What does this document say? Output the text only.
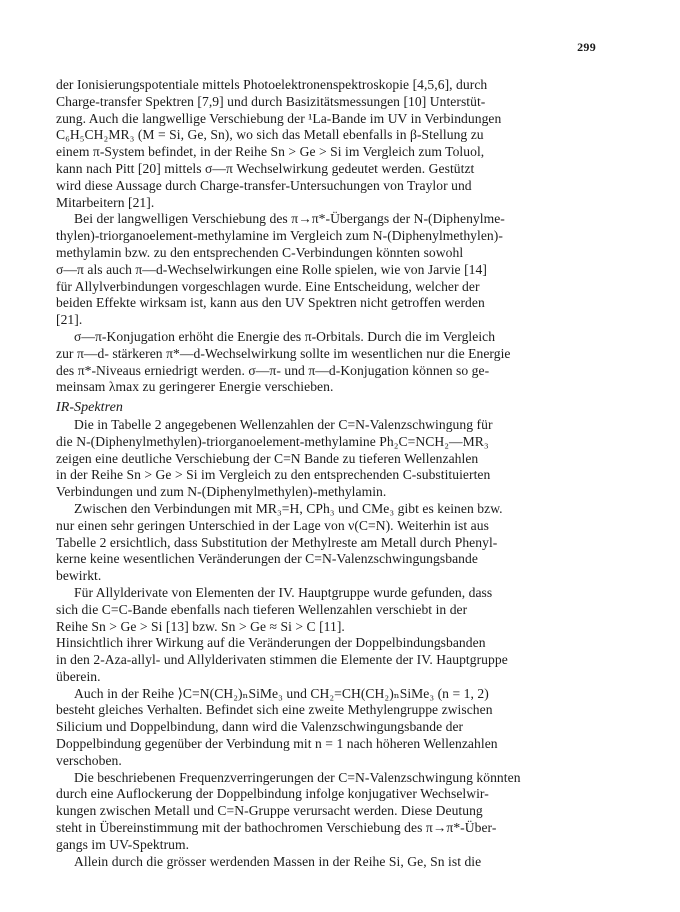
299
der Ionisierungspotentiale mittels Photoelektronenspektroskopie [4,5,6], durch
Charge-transfer Spektren [7,9] und durch Basizitätsmessungen [10] Unterstüt-
zung. Auch die langwellige Verschiebung der ¹La-Bande im UV in Verbindungen
C₆H₅CH₂MR₃ (M = Si, Ge, Sn), wo sich das Metall ebenfalls in β-Stellung zu
einem π-System befindet, in der Reihe Sn > Ge > Si im Vergleich zum Toluol,
kann nach Pitt [20] mittels σ—π Wechselwirkung gedeutet werden. Gestützt
wird diese Aussage durch Charge-transfer-Untersuchungen von Traylor und
Mitarbeitern [21].
Bei der langwelligen Verschiebung des π→π*-Übergangs der N-(Diphenylme-
thylen)-triorganoelement-methylamine im Vergleich zum N-(Diphenylmethylen)-
methylamin bzw. zu den entsprechenden C-Verbindungen könnten sowohl
σ—π als auch π—d-Wechselwirkungen eine Rolle spielen, wie von Jarvie [14]
für Allylverbindungen vorgeschlagen wurde. Eine Entscheidung, welcher der
beiden Effekte wirksam ist, kann aus den UV Spektren nicht getroffen werden
[21].
σ—π-Konjugation erhöht die Energie des π-Orbitals. Durch die im Vergleich
zur π—d- stärkeren π*—d-Wechselwirkung sollte im wesentlichen nur die Energie
des π*-Niveaus erniedrigt werden. σ—π- und π—d-Konjugation können so ge-
meinsam λmax zu geringerer Energie verschieben.
IR-Spektren
Die in Tabelle 2 angegebenen Wellenzahlen der C=N-Valenzschwingung für
die N-(Diphenylmethylen)-triorganoelement-methylamine Ph₂C=NCH₂—MR₃
zeigen eine deutliche Verschiebung der C=N Bande zu tieferen Wellenzahlen
in der Reihe Sn > Ge > Si im Vergleich zu den entsprechenden C-substituierten
Verbindungen und zum N-(Diphenylmethylen)-methylamin.
Zwischen den Verbindungen mit MR₃=H, CPh₃ und CMe₃ gibt es keinen bzw.
nur einen sehr geringen Unterschied in der Lage von ν(C=N). Weiterhin ist aus
Tabelle 2 ersichtlich, dass Substitution der Methylreste am Metall durch Phenyl-
kerne keine wesentlichen Veränderungen der C=N-Valenzschwingungsbande
bewirkt.
Für Allylderivate von Elementen der IV. Hauptgruppe wurde gefunden, dass
sich die C=C-Bande ebenfalls nach tieferen Wellenzahlen verschiebt in der
Reihe Sn > Ge > Si [13] bzw. Sn > Ge ≈ Si > C [11].
Hinsichtlich ihrer Wirkung auf die Veränderungen der Doppelbindungsbanden
in den 2-Aza-allyl- und Allylderivaten stimmen die Elemente der IV. Hauptgruppe
überein.
Auch in der Reihe ⟩C=N(CH₂)ₙSiMe₃ und CH₂=CH(CH₂)ₙSiMe₃ (n = 1, 2)
besteht gleiches Verhalten. Befindet sich eine zweite Methylengruppe zwischen
Silicium und Doppelbindung, dann wird die Valenzschwingungsbande der
Doppelbindung gegenüber der Verbindung mit n = 1 nach höheren Wellenzahlen
verschoben.
Die beschriebenen Frequenzverringerungen der C=N-Valenzschwingung könnten
durch eine Auflockerung der Doppelbindung infolge konjugativer Wechselwir-
kungen zwischen Metall und C=N-Gruppe verursacht werden. Diese Deutung
steht in Übereinstimmung mit der bathochromen Verschiebung des π→π*-Über-
gangs im UV-Spektrum.
Allein durch die grösser werdenden Massen in der Reihe Si, Ge, Sn ist die
